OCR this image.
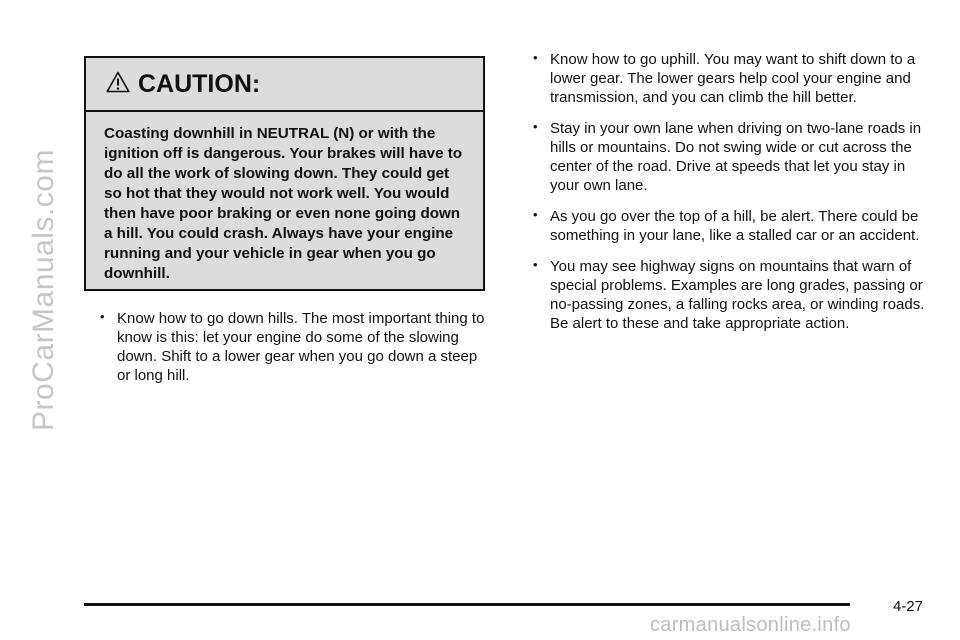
ProCarManuals.com
CAUTION:
Coasting downhill in NEUTRAL (N) or with the ignition off is dangerous. Your brakes will have to do all the work of slowing down. They could get so hot that they would not work well. You would then have poor braking or even none going down a hill. You could crash. Always have your engine running and your vehicle in gear when you go downhill.
• Know how to go down hills. The most important thing to know is this: let your engine do some of the slowing down. Shift to a lower gear when you go down a steep or long hill.
• Know how to go uphill. You may want to shift down to a lower gear. The lower gears help cool your engine and transmission, and you can climb the hill better.
• Stay in your own lane when driving on two-lane roads in hills or mountains. Do not swing wide or cut across the center of the road. Drive at speeds that let you stay in your own lane.
• As you go over the top of a hill, be alert. There could be something in your lane, like a stalled car or an accident.
• You may see highway signs on mountains that warn of special problems. Examples are long grades, passing or no-passing zones, a falling rocks area, or winding roads. Be alert to these and take appropriate action.
4-27
carmanualsonline.info
